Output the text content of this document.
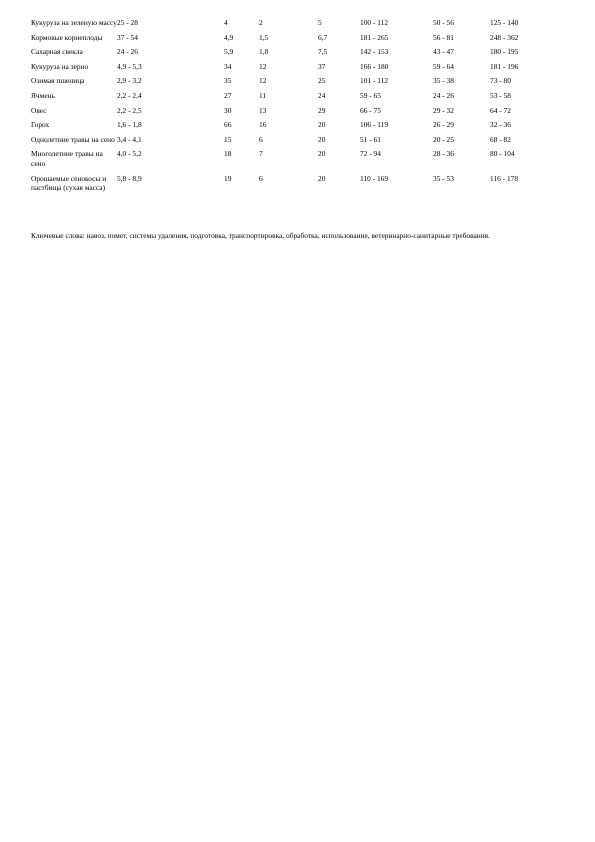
Кукуруза на зеленую массу	25 - 28	4	2	5	100 - 112	50 - 56	125 - 140
Кормовые корнеплоды	37 - 54	4,9	1,5	6,7	181 - 265	56 - 81	248 - 362
Сахарная свекла	24 - 26	5,9	1,8	7,5	142 - 153	43 - 47	180 - 195
Кукуруза на зерно	4,9 - 5,3	34	12	37	166 - 180	59 - 64	181 - 196
Озимая пшеница	2,9 - 3,2	35	12	25	101 - 112	35 - 38	73 - 80
Ячмень	2,2 - 2,4	27	11	24	59 - 65	24 - 26	53 - 58
Овес	2,2 - 2,5	30	13	29	66 - 75	29 - 32	64 - 72
Горох	1,6 - 1,8	66	16	20	106 - 119	26 - 29	32 - 36
Однолетние травы на сено	3,4 - 4,1	15	6	20	51 - 61	20 - 25	68 - 82
Многолетние травы на сено	4,0 - 5,2	18	7	20	72 - 94	28 - 36	80 - 104
Орошаемые сенокосы и пастбища (сухая масса)	5,8 - 8,9	19	6	20	110 - 169	35 - 53	116 - 178

Ключевые слова: навоз, помет, системы удаления, подготовка, транспортировка, обработка, использование, ветеринарно-санитарные требования.
